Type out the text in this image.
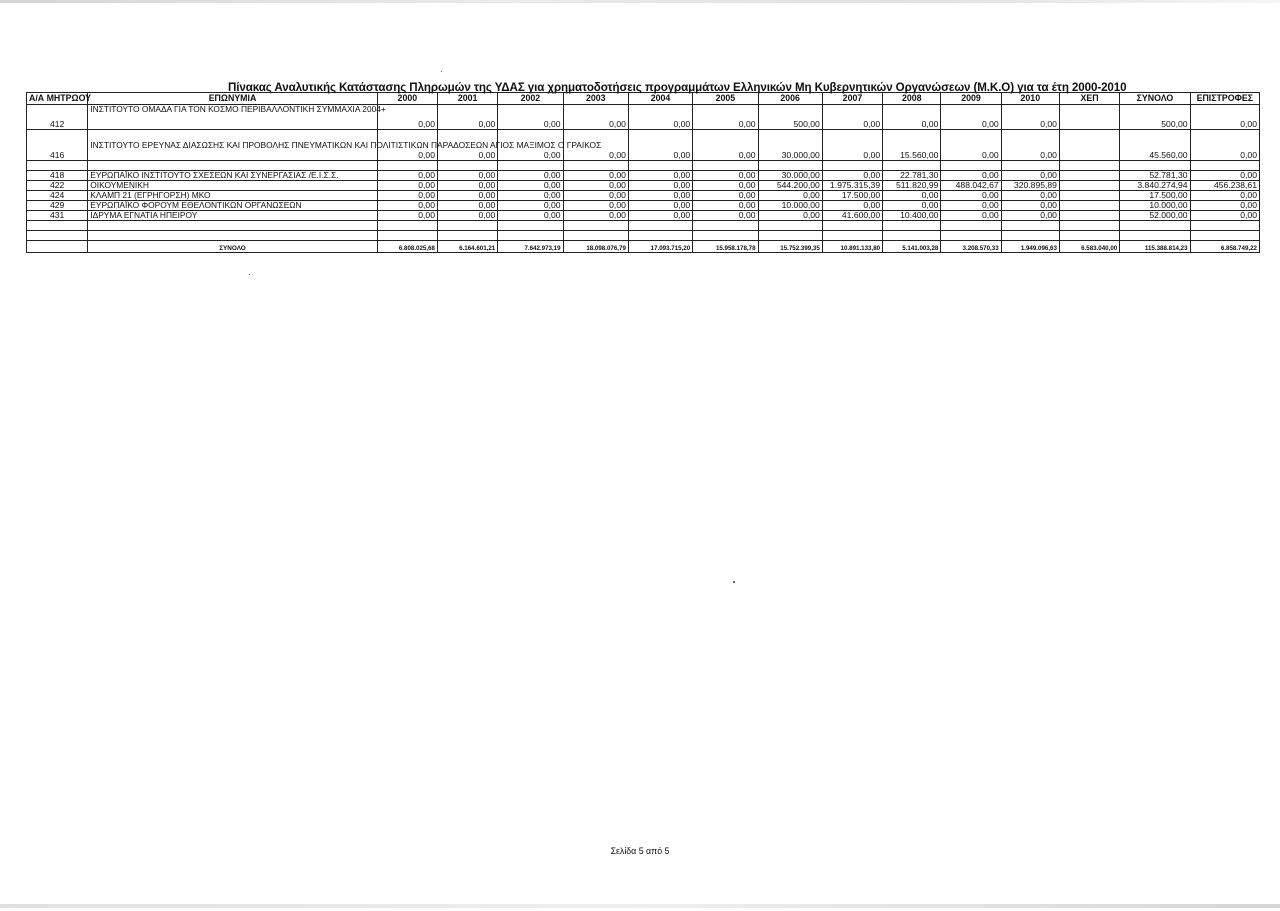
Πίνακας Αναλυτικής Κατάστασης Πληρωμών της ΥΔΑΣ για χρηματοδοτήσεις προγραμμάτων Ελληνικών Μη Κυβερνητικών Οργανώσεων (Μ.Κ.Ο) για τα έτη 2000-2010
Α/Α ΜΗΤΡΩΟΥ	ΕΠΩΝΥΜΙΑ	2000	2001	2002	2003	2004	2005	2006	2007	2008	2009	2010	ΧΕΠ	ΣΥΝΟΛΟ	ΕΠΙΣΤΡΟΦΕΣ
412	ΙΝΣΤΙΤΟΥΤΟ ΟΜΑΔΑ ΓΙΑ ΤΟΝ ΚΟΣΜΟ ΠΕΡΙΒΑΛΛΟΝΤΙΚΗ ΣΥΜΜΑΧΙΑ 2004+	0,00	0,00	0,00	0,00	0,00	0,00	500,00	0,00	0,00	0,00	0,00		500,00	0,00
416	ΙΝΣΤΙΤΟΥΤΟ ΕΡΕΥΝΑΣ ΔΙΑΣΩΣΗΣ ΚΑΙ ΠΡΟΒΟΛΗΣ ΠΝΕΥΜΑΤΙΚΩΝ ΚΑΙ ΠΟΛΙΤΙΣΤΙΚΩΝ ΠΑΡΑΔΟΣΕΩΝ ΑΓΙΟΣ ΜΑΞΙΜΟΣ Ο ΓΡΑΙΚΟΣ	0,00	0,00	0,00	0,00	0,00	0,00	30.000,00	0,00	15.560,00	0,00	0,00		45.560,00	0,00

418	ΕΥΡΩΠΑΪΚΟ ΙΝΣΤΙΤΟΥΤΟ ΣΧΕΣΕΩΝ ΚΑΙ ΣΥΝΕΡΓΑΣΙΑΣ /Ε.Ι.Σ.Σ.	0,00	0,00	0,00	0,00	0,00	0,00	30.000,00	0,00	22.781,30	0,00	0,00		52.781,30	0,00
422	ΟΙΚΟΥΜΕΝΙΚΗ	0,00	0,00	0,00	0,00	0,00	0,00	544.200,00	1.975.315,39	511.820,99	488.042,67	320.895,89		3.840.274,94	456.238,61
424	ΚΛΑΜΠ 21 (ΕΓΡΗΓΟΡΣΗ) ΜΚΟ	0,00	0,00	0,00	0,00	0,00	0,00	0,00	17.500,00	0,00	0,00	0,00		17.500,00	0,00
429	ΕΥΡΩΠΑΪΚΟ ΦΟΡΟΥΜ ΕΘΕΛΟΝΤΙΚΩΝ ΟΡΓΑΝΩΣΕΩΝ	0,00	0,00	0,00	0,00	0,00	0,00	10.000,00	0,00	0,00	0,00	0,00		10.000,00	0,00
431	ΙΔΡΥΜΑ ΕΓΝΑΤΙΑ ΗΠΕΙΡΟΥ	0,00	0,00	0,00	0,00	0,00	0,00	0,00	41.600,00	10.400,00	0,00	0,00		52.000,00	0,00

	ΣΥΝΟΛΟ	6.808.025,68	6.164.601,21	7.642.973,19	18.098.076,79	17.093.715,20	15.958.178,78	15.752.399,35	10.891.133,80	5.141.003,28	3.208.570,33	1.949.096,63	6.583.040,00	115.388.814,23	6.858.749,22
Σελίδα 5 από 5
